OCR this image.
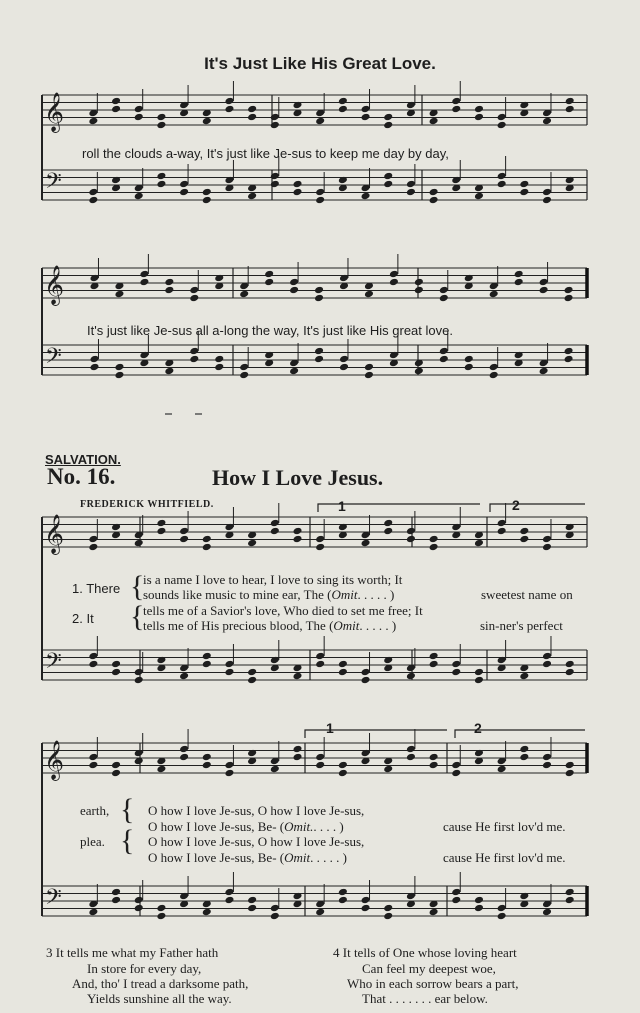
𝄞
𝄢
𝄞
𝄢
𝄞
𝄢
𝄞
𝄢
It's Just Like His Great Love.
roll the clouds a-way, It's just like Je-sus to keep me day by day,
It's just like Je-sus all a-long the way, It's just like His great love.
SALVATION.
No. 16.	How I Love Jesus.
FREDERICK WHITFIELD.	1	2
1	2
1. There {
is a name I love to hear, I love to sing its worth; It
sounds like music to mine ear, The (Omit. . . . . )	sweetest name on
2. It {
tells me of a Savior's love, Who died to set me free; It
tells me of His precious blood, The (Omit. . . . . )	sin-ner's perfect
earth,
plea.
{
{
O how I love Je-sus, O how I love Je-sus,
O how I love Je-sus, Be- (Omit.. . . . )	cause He first lov'd me.
O how I love Je-sus, O how I love Je-sus,
O how I love Je-sus, Be- (Omit. . . . . )	cause He first lov'd me.
3 It tells me what my Father hath
In store for every day,
And, tho' I tread a darksome path,
Yields sunshine all the way.
4 It tells of One whose loving heart
Can feel my deepest woe,
Who in each sorrow bears a part,
That . . . . . . . ear below.
